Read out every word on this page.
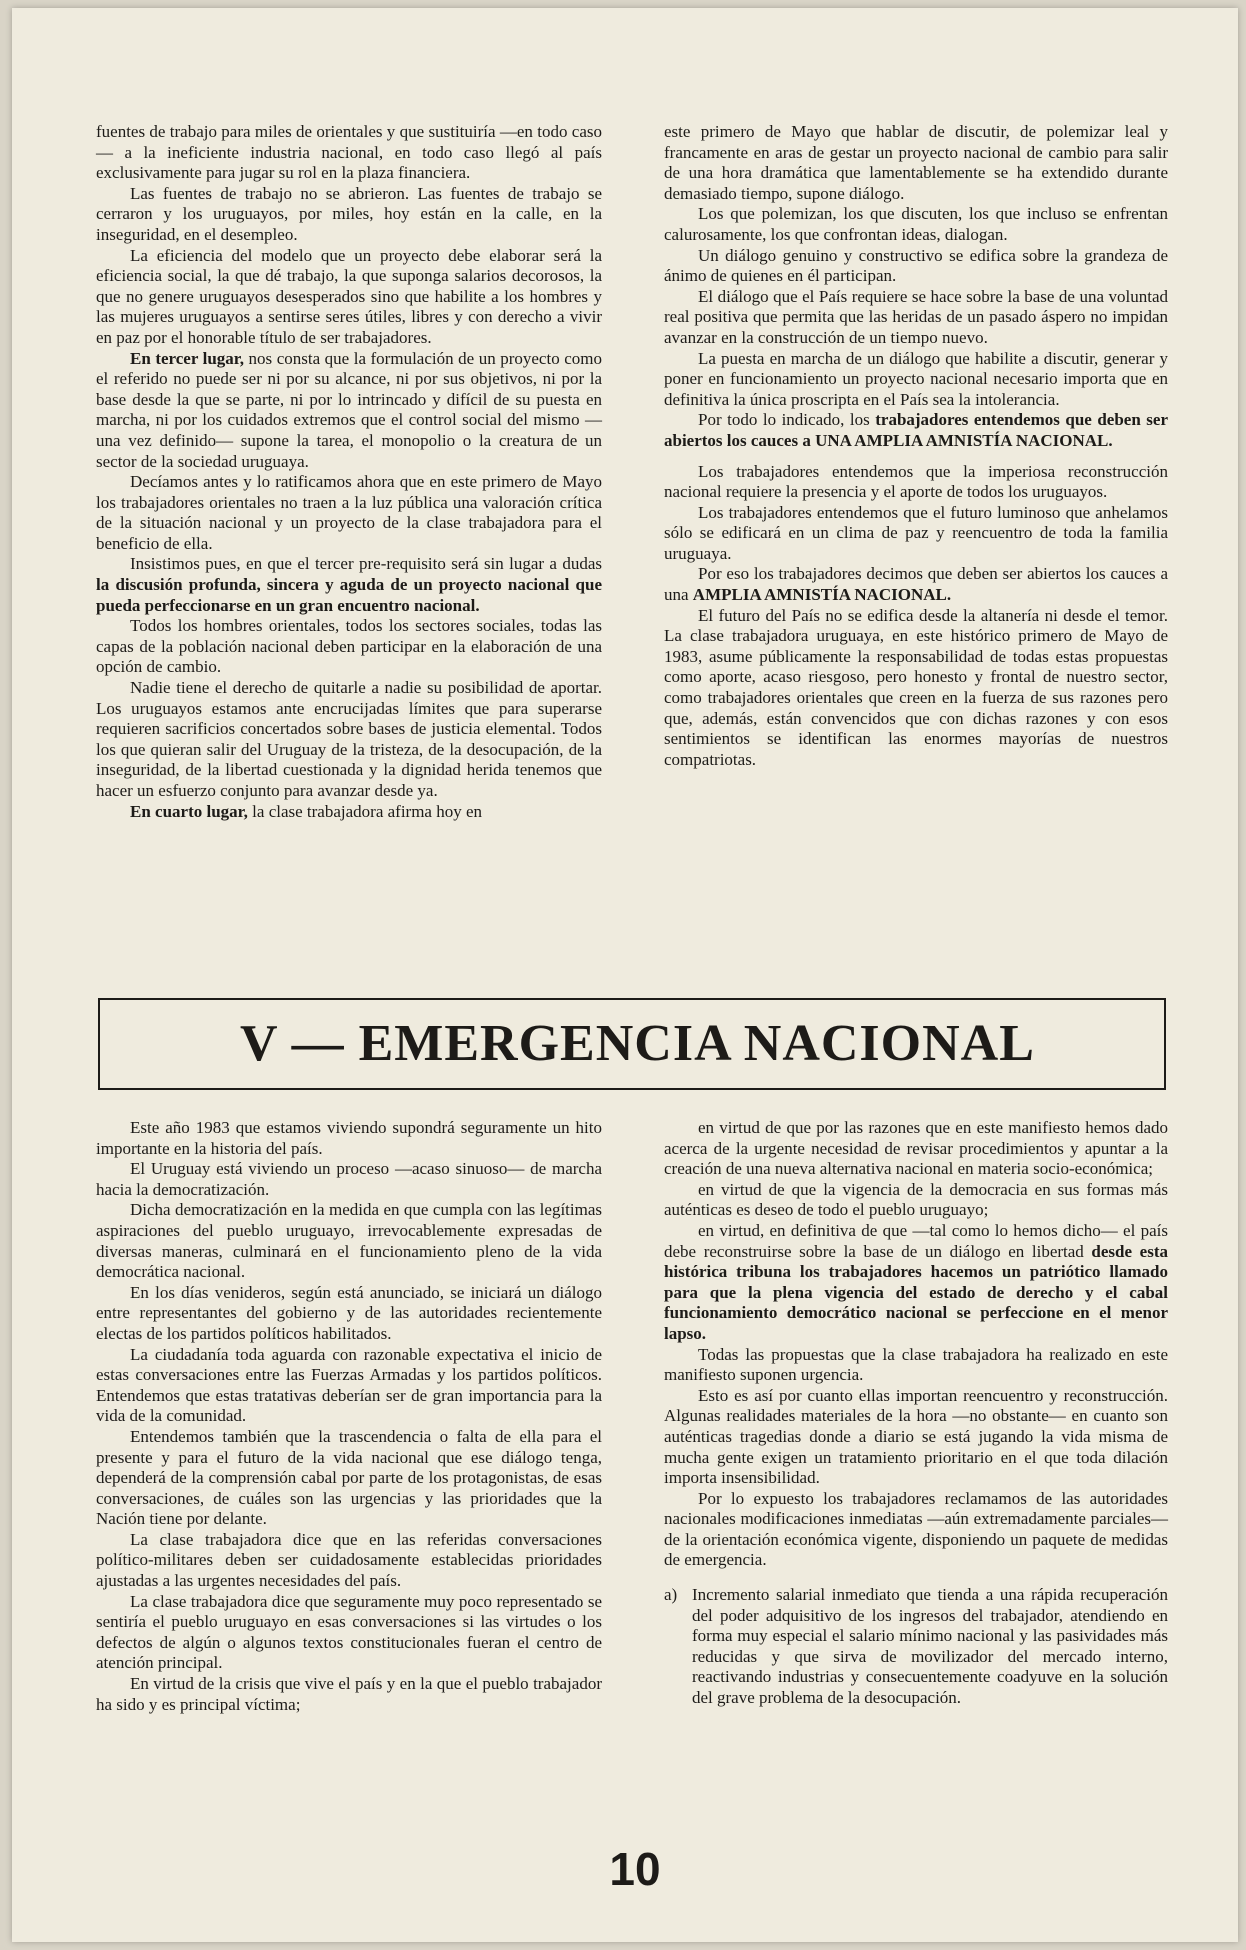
fuentes de trabajo para miles de orientales y que sustituiría —en todo caso— a la ineficiente industria nacional, en todo caso llegó al país exclusivamente para jugar su rol en la plaza financiera.

Las fuentes de trabajo no se abrieron. Las fuentes de trabajo se cerraron y los uruguayos, por miles, hoy están en la calle, en la inseguridad, en el desempleo.

La eficiencia del modelo que un proyecto debe elaborar será la eficiencia social, la que dé trabajo, la que suponga salarios decorosos, la que no genere uruguayos desesperados sino que habilite a los hombres y las mujeres uruguayos a sentirse seres útiles, libres y con derecho a vivir en paz por el honorable título de ser trabajadores.

En tercer lugar, nos consta que la formulación de un proyecto como el referido no puede ser ni por su alcance, ni por sus objetivos, ni por la base desde la que se parte, ni por lo intrincado y difícil de su puesta en marcha, ni por los cuidados extremos que el control social del mismo —una vez definido— supone la tarea, el monopolio o la creatura de un sector de la sociedad uruguaya.

Decíamos antes y lo ratificamos ahora que en este primero de Mayo los trabajadores orientales no traen a la luz pública una valoración crítica de la situación nacional y un proyecto de la clase trabajadora para el beneficio de ella.

Insistimos pues, en que el tercer pre-requisito será sin lugar a dudas la discusión profunda, sincera y aguda de un proyecto nacional que pueda perfeccionarse en un gran encuentro nacional.

Todos los hombres orientales, todos los sectores sociales, todas las capas de la población nacional deben participar en la elaboración de una opción de cambio.

Nadie tiene el derecho de quitarle a nadie su posibilidad de aportar. Los uruguayos estamos ante encrucijadas límites que para superarse requieren sacrificios concertados sobre bases de justicia elemental. Todos los que quieran salir del Uruguay de la tristeza, de la desocupación, de la inseguridad, de la libertad cuestionada y la dignidad herida tenemos que hacer un esfuerzo conjunto para avanzar desde ya.

En cuarto lugar, la clase trabajadora afirma hoy en

este primero de Mayo que hablar de discutir, de polemizar leal y francamente en aras de gestar un proyecto nacional de cambio para salir de una hora dramática que lamentablemente se ha extendido durante demasiado tiempo, supone diálogo.

Los que polemizan, los que discuten, los que incluso se enfrentan calurosamente, los que confrontan ideas, dialogan.

Un diálogo genuino y constructivo se edifica sobre la grandeza de ánimo de quienes en él participan.

El diálogo que el País requiere se hace sobre la base de una voluntad real positiva que permita que las heridas de un pasado áspero no impidan avanzar en la construcción de un tiempo nuevo.

La puesta en marcha de un diálogo que habilite a discutir, generar y poner en funcionamiento un proyecto nacional necesario importa que en definitiva la única proscripta en el País sea la intolerancia.

Por todo lo indicado, los trabajadores entendemos que deben ser abiertos los cauces a UNA AMPLIA AMNISTÍA NACIONAL.

Los trabajadores entendemos que la imperiosa reconstrucción nacional requiere la presencia y el aporte de todos los uruguayos.

Los trabajadores entendemos que el futuro luminoso que anhelamos sólo se edificará en un clima de paz y reencuentro de toda la familia uruguaya.

Por eso los trabajadores decimos que deben ser abiertos los cauces a una AMPLIA AMNISTÍA NACIONAL.

El futuro del País no se edifica desde la altanería ni desde el temor. La clase trabajadora uruguaya, en este histórico primero de Mayo de 1983, asume públicamente la responsabilidad de todas estas propuestas como aporte, acaso riesgoso, pero honesto y frontal de nuestro sector, como trabajadores orientales que creen en la fuerza de sus razones pero que, además, están convencidos que con dichas razones y con esos sentimientos se identifican las enormes mayorías de nuestros compatriotas.

V — EMERGENCIA NACIONAL

Este año 1983 que estamos viviendo supondrá seguramente un hito importante en la historia del país.

El Uruguay está viviendo un proceso —acaso sinuoso— de marcha hacia la democratización.

Dicha democratización en la medida en que cumpla con las legítimas aspiraciones del pueblo uruguayo, irrevocablemente expresadas de diversas maneras, culminará en el funcionamiento pleno de la vida democrática nacional.

En los días venideros, según está anunciado, se iniciará un diálogo entre representantes del gobierno y de las autoridades recientemente electas de los partidos políticos habilitados.

La ciudadanía toda aguarda con razonable expectativa el inicio de estas conversaciones entre las Fuerzas Armadas y los partidos políticos. Entendemos que estas tratativas deberían ser de gran importancia para la vida de la comunidad.

Entendemos también que la trascendencia o falta de ella para el presente y para el futuro de la vida nacional que ese diálogo tenga, dependerá de la comprensión cabal por parte de los protagonistas, de esas conversaciones, de cuáles son las urgencias y las prioridades que la Nación tiene por delante.

La clase trabajadora dice que en las referidas conversaciones político-militares deben ser cuidadosamente establecidas prioridades ajustadas a las urgentes necesidades del país.

La clase trabajadora dice que seguramente muy poco representado se sentiría el pueblo uruguayo en esas conversaciones si las virtudes o los defectos de algún o algunos textos constitucionales fueran el centro de atención principal.

En virtud de la crisis que vive el país y en la que el pueblo trabajador ha sido y es principal víctima;

en virtud de que por las razones que en este manifiesto hemos dado acerca de la urgente necesidad de revisar procedimientos y apuntar a la creación de una nueva alternativa nacional en materia socio-económica;

en virtud de que la vigencia de la democracia en sus formas más auténticas es deseo de todo el pueblo uruguayo;

en virtud, en definitiva de que —tal como lo hemos dicho— el país debe reconstruirse sobre la base de un diálogo en libertad desde esta histórica tribuna los trabajadores hacemos un patriótico llamado para que la plena vigencia del estado de derecho y el cabal funcionamiento democrático nacional se perfeccione en el menor lapso.

Todas las propuestas que la clase trabajadora ha realizado en este manifiesto suponen urgencia.

Esto es así por cuanto ellas importan reencuentro y reconstrucción. Algunas realidades materiales de la hora —no obstante— en cuanto son auténticas tragedias donde a diario se está jugando la vida misma de mucha gente exigen un tratamiento prioritario en el que toda dilación importa insensibilidad.

Por lo expuesto los trabajadores reclamamos de las autoridades nacionales modificaciones inmediatas —aún extremadamente parciales— de la orientación económica vigente, disponiendo un paquete de medidas de emergencia.

a) Incremento salarial inmediato que tienda a una rápida recuperación del poder adquisitivo de los ingresos del trabajador, atendiendo en forma muy especial el salario mínimo nacional y las pasividades más reducidas y que sirva de movilizador del mercado interno, reactivando industrias y consecuentemente coadyuve en la solución del grave problema de la desocupación.
10
